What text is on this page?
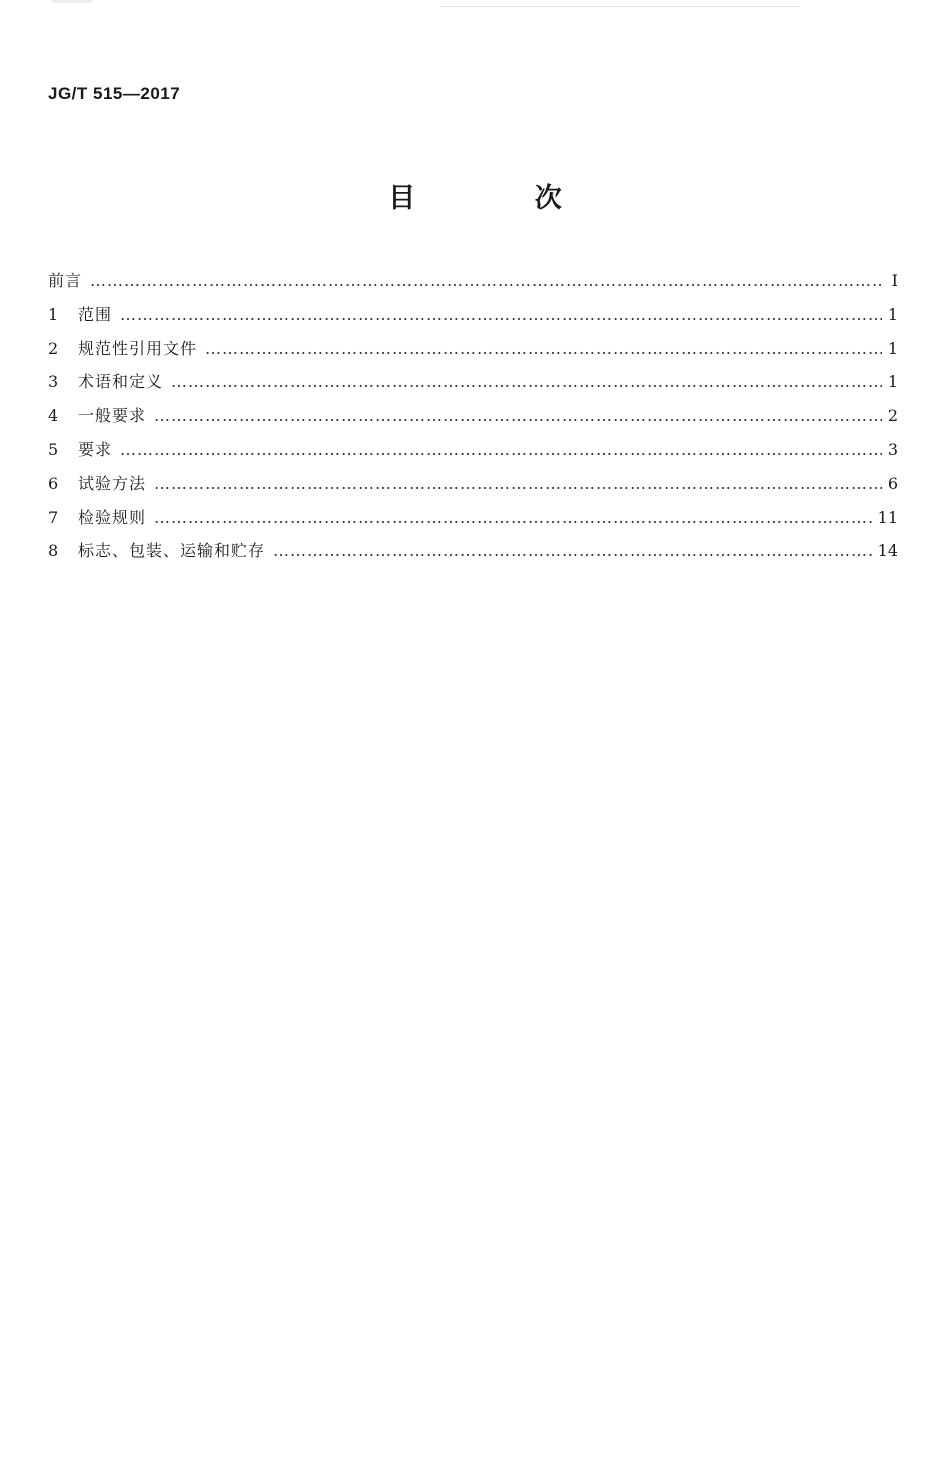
JG/T 515—2017
目 次
前言 ……………………………………………………………………………………………………………………………………………………………………………………………………………………	Ⅰ
1	范围 ……………………………………………………………………………………………………………………………………………………………………………………………………………………	1
2	规范性引用文件 ……………………………………………………………………………………………………………………………………………………………………………………………………………………	1
3	术语和定义 ……………………………………………………………………………………………………………………………………………………………………………………………………………………	1
4	一般要求 ……………………………………………………………………………………………………………………………………………………………………………………………………………………	2
5	要求 ……………………………………………………………………………………………………………………………………………………………………………………………………………………	3
6	试验方法 ……………………………………………………………………………………………………………………………………………………………………………………………………………………	6
7	检验规则 ……………………………………………………………………………………………………………………………………………………………………………………………………………………	11
8	标志、包装、运输和贮存 ……………………………………………………………………………………………………………………………………………………………………………………………………………………	14
